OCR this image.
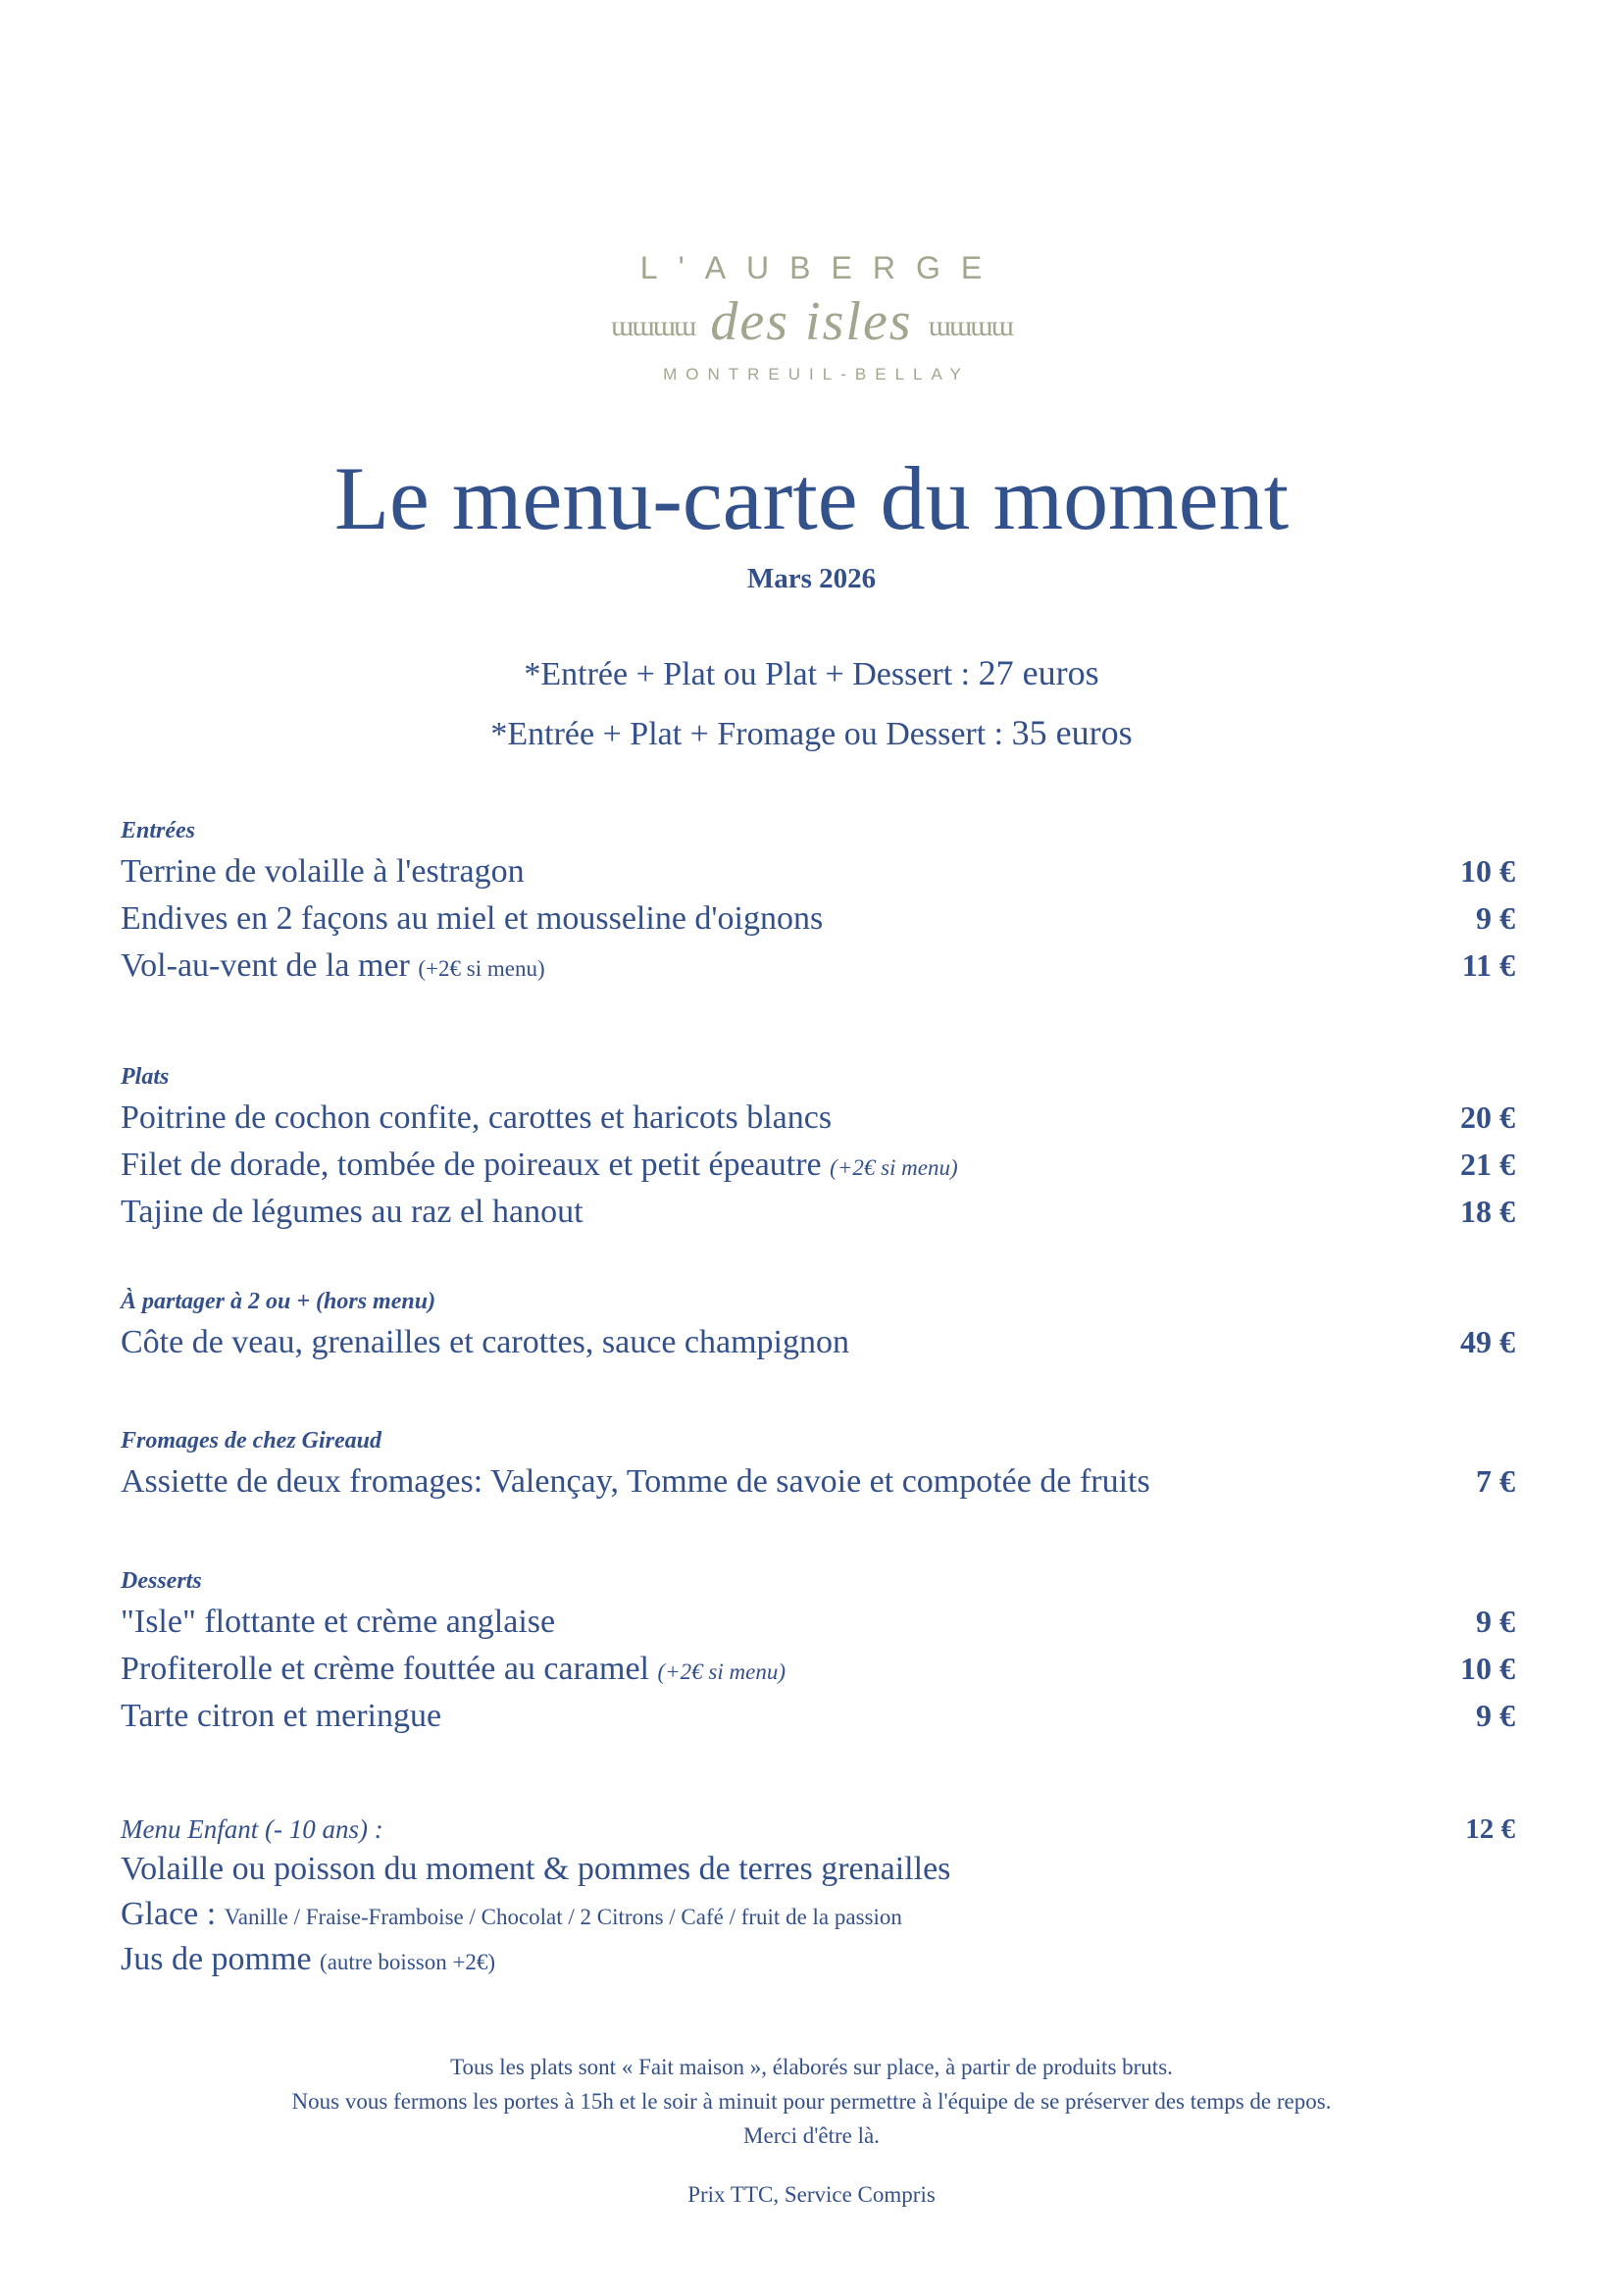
L'AUBERGE
ɯɯɯɯ des isles ɯɯɯɯ
MONTREUIL-BELLAY
Le menu-carte du moment
Mars 2026
*Entrée + Plat ou Plat + Dessert : 27 euros
*Entrée + Plat + Fromage ou Dessert : 35 euros
Entrées
Terrine de volaille à l'estragon	10 €
Endives en 2 façons au miel et mousseline d'oignons	9 €
Vol-au-vent de la mer (+2€ si menu)	11 €
Plats
Poitrine de cochon confite, carottes et haricots blancs	20 €
Filet de dorade, tombée de poireaux et petit épeautre (+2€ si menu)	21 €
Tajine de légumes au raz el hanout	18 €
À partager à 2 ou + (hors menu)
Côte de veau, grenailles et carottes, sauce champignon	49 €
Fromages de chez Gireaud
Assiette de deux fromages: Valençay, Tomme de savoie et compotée de fruits	7 €
Desserts
"Isle" flottante et crème anglaise	9 €
Profiterolle et crème fouttée au caramel (+2€ si menu)	10 €
Tarte citron et meringue	9 €
Menu Enfant (- 10 ans) :	12 €
Volaille ou poisson du moment & pommes de terres grenailles
Glace : Vanille / Fraise-Framboise / Chocolat / 2 Citrons / Café / fruit de la passion
Jus de pomme (autre boisson +2€)

Tous les plats sont « Fait maison », élaborés sur place, à partir de produits bruts.

Nous vous fermons les portes à 15h et le soir à minuit pour permettre à l'équipe de se préserver des temps de repos.

Merci d'être là.

Prix TTC, Service Compris
